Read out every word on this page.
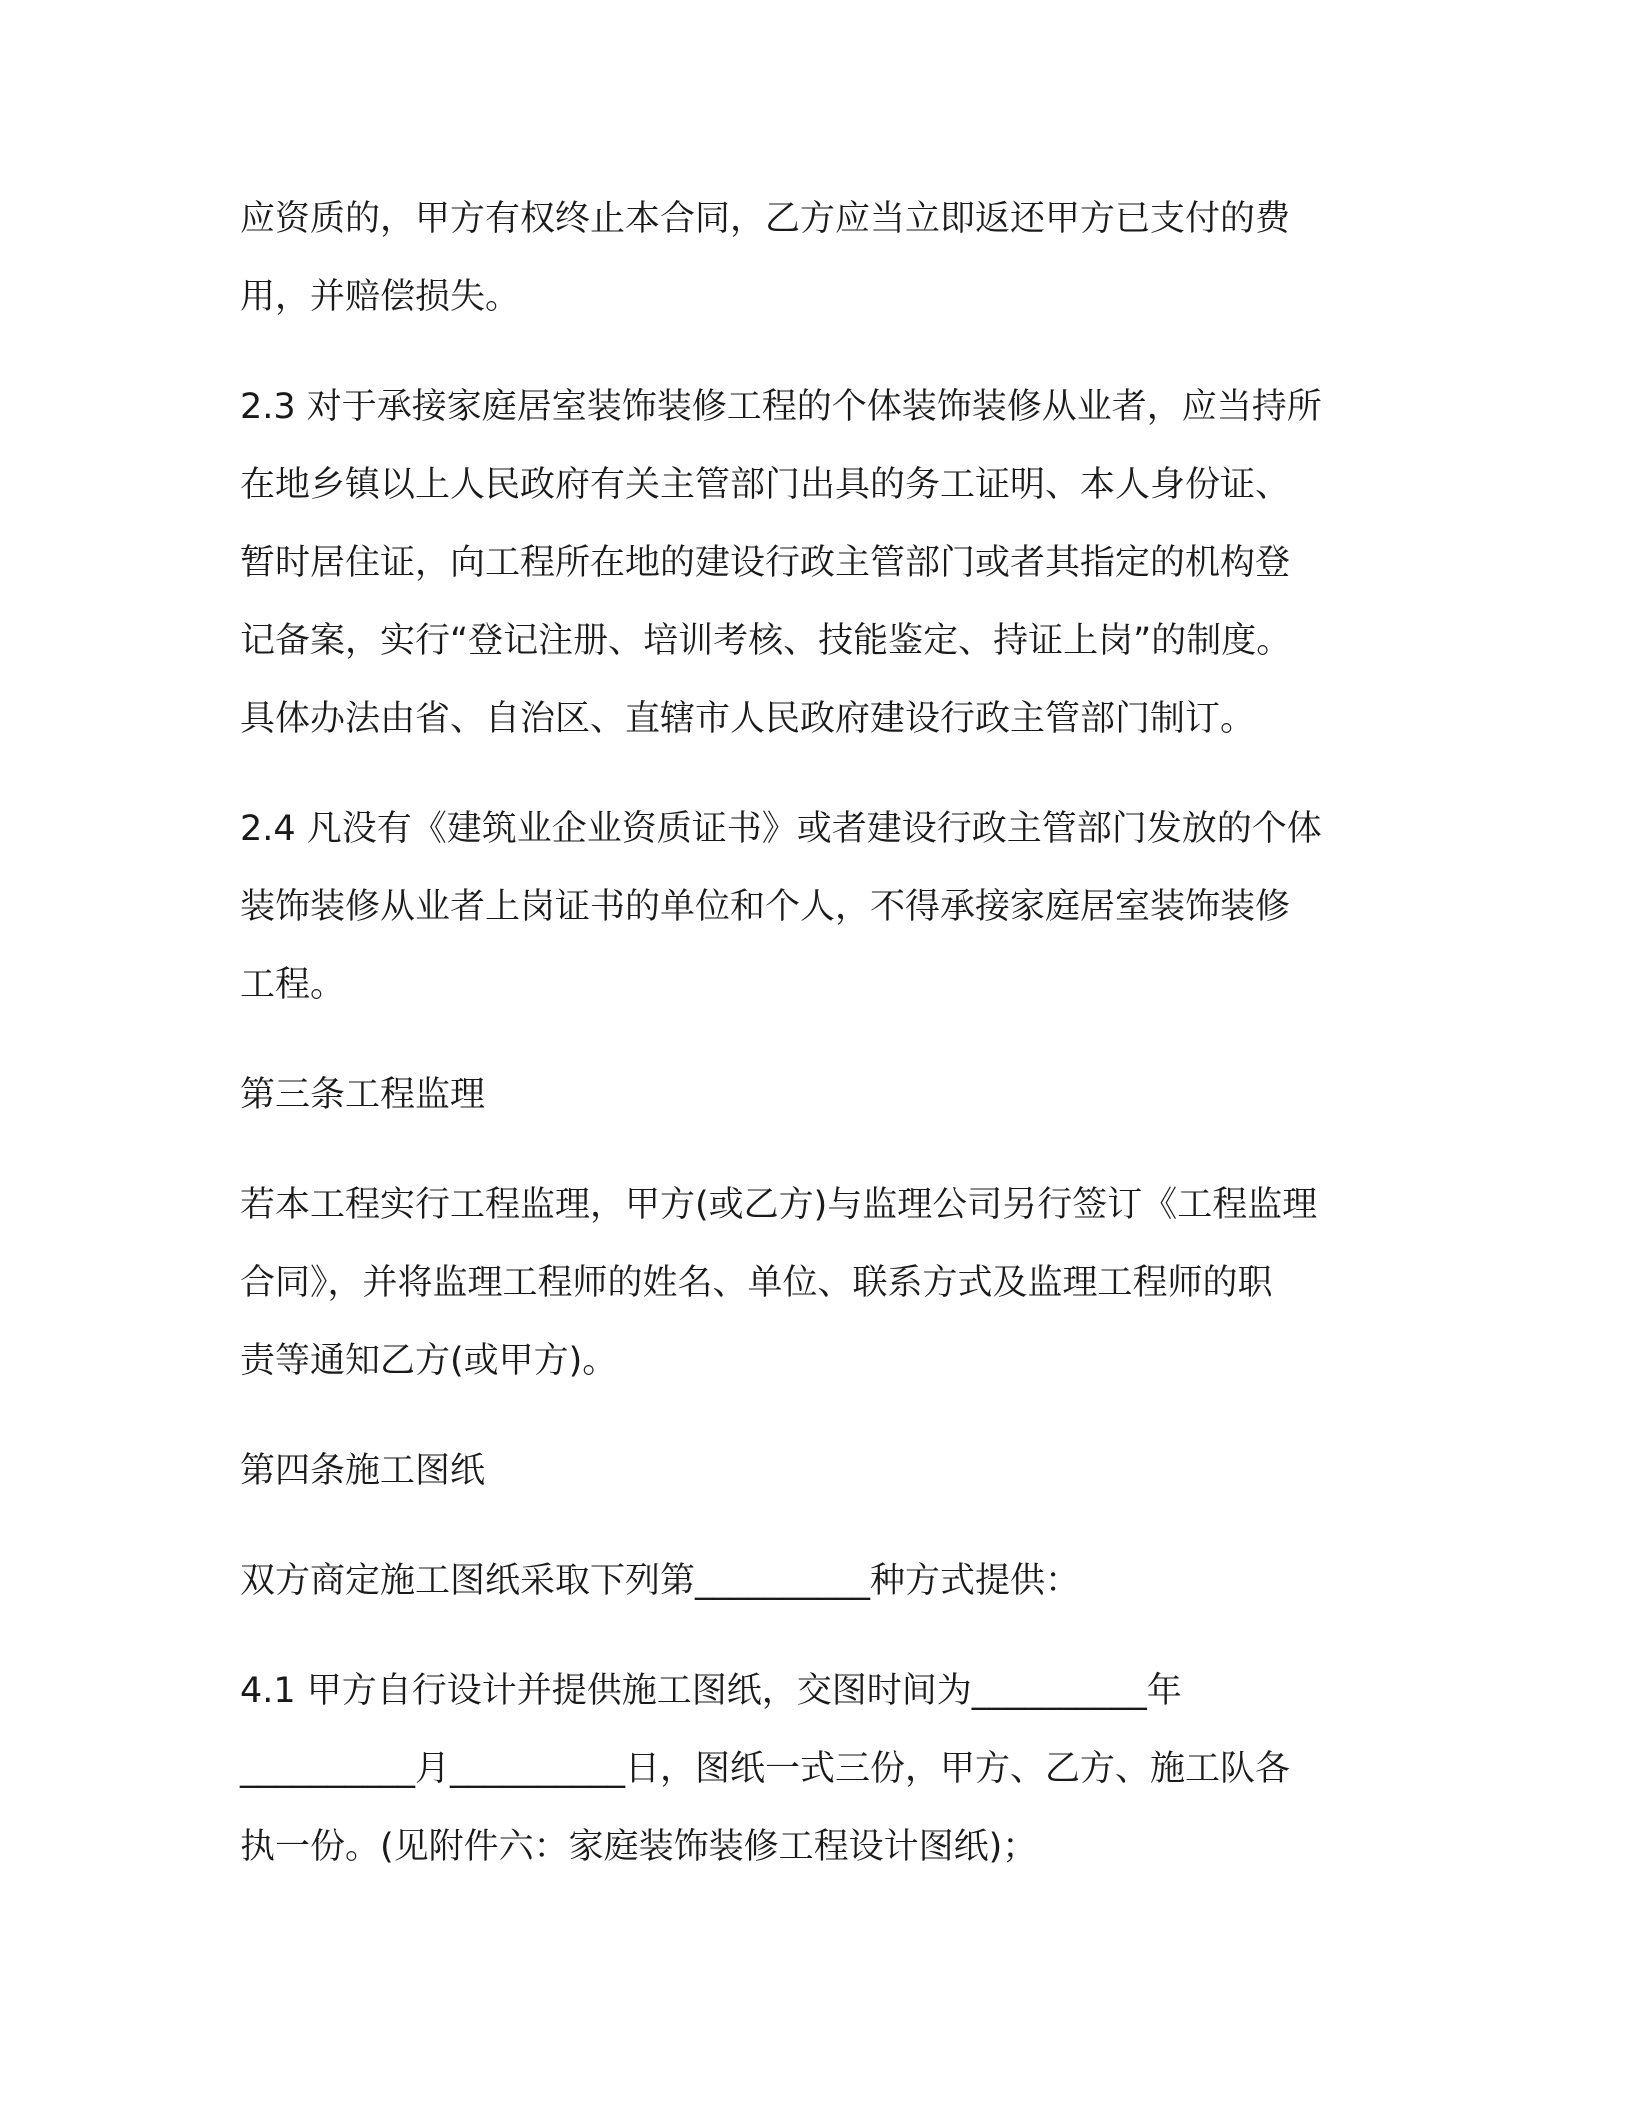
应资质的，甲方有权终止本合同，乙方应当立即返还甲方已支付的费
用，并赔偿损失。
2.3 对于承接家庭居室装饰装修工程的个体装饰装修从业者，应当持所
在地乡镇以上人民政府有关主管部门出具的务工证明、本人身份证、
暂时居住证，向工程所在地的建设行政主管部门或者其指定的机构登
记备案，实行“登记注册、培训考核、技能鉴定、持证上岗”的制度。
具体办法由省、自治区、直辖市人民政府建设行政主管部门制订。
2.4 凡没有《建筑业企业资质证书》或者建设行政主管部门发放的个体
装饰装修从业者上岗证书的单位和个人，不得承接家庭居室装饰装修
工程。
第三条工程监理
若本工程实行工程监理，甲方(或乙方)与监理公司另行签订《工程监理
合同》，并将监理工程师的姓名、单位、联系方式及监理工程师的职
责等通知乙方(或甲方)。
第四条施工图纸
双方商定施工图纸采取下列第__________种方式提供：
4.1 甲方自行设计并提供施工图纸，交图时间为__________年
__________月__________日，图纸一式三份，甲方、乙方、施工队各
执一份。(见附件六：家庭装饰装修工程设计图纸)；
